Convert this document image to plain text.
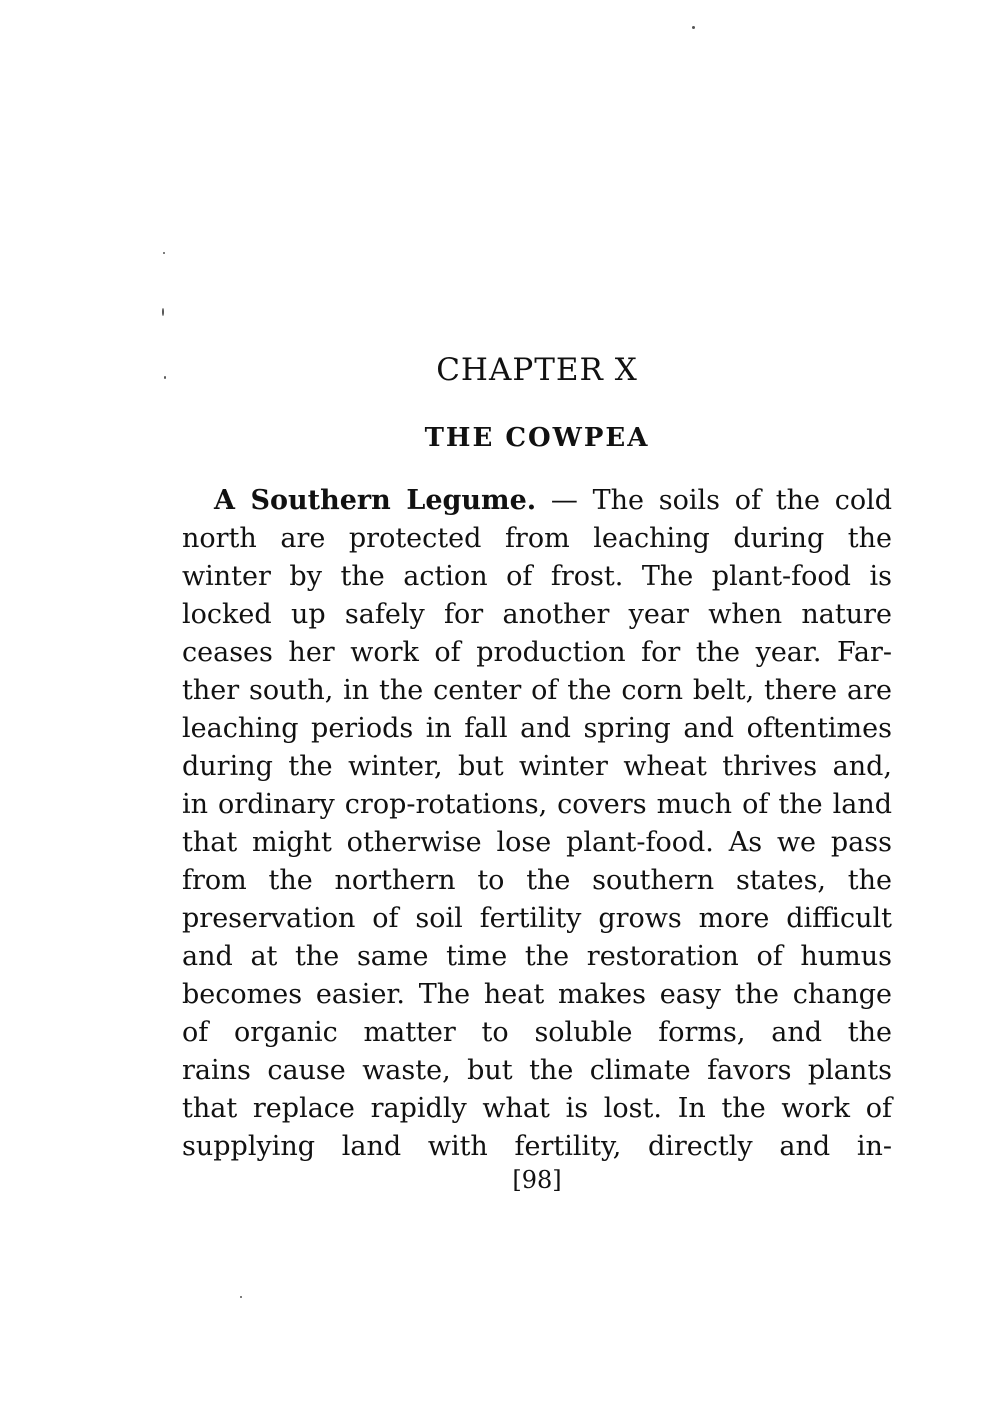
CHAPTER X
THE COWPEA
A Southern Legume. — The soils of the cold
north are protected from leaching during the
winter by the action of frost. The plant-food is
locked up safely for another year when nature
ceases her work of production for the year. Far-
ther south, in the center of the corn belt, there are
leaching periods in fall and spring and oftentimes
during the winter, but winter wheat thrives and,
in ordinary crop-rotations, covers much of the land
that might otherwise lose plant-food. As we pass
from the northern to the southern states, the
preservation of soil fertility grows more difficult
and at the same time the restoration of humus
becomes easier. The heat makes easy the change
of organic matter to soluble forms, and the
rains cause waste, but the climate favors plants
that replace rapidly what is lost. In the work of
supplying land with fertility, directly and in-

[98]
